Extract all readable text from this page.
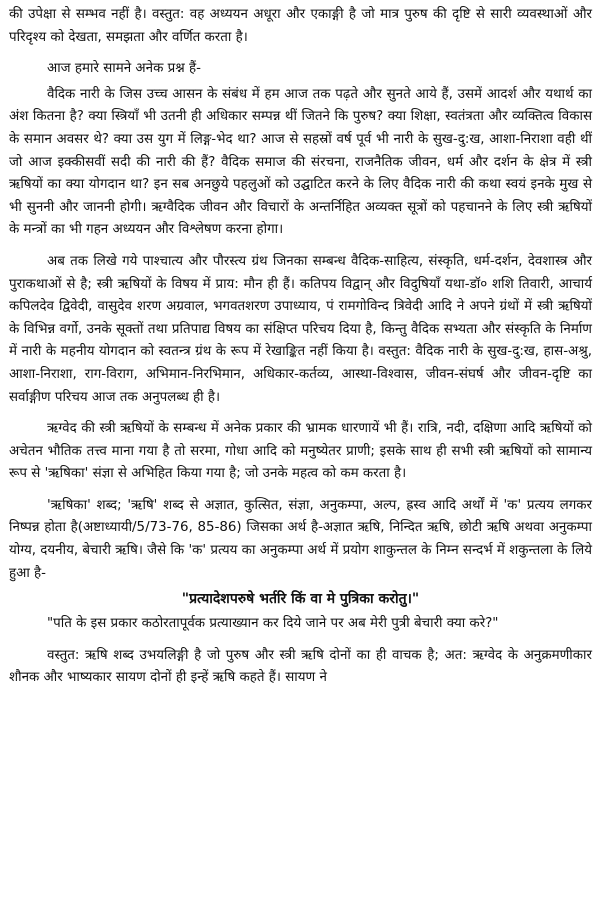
की उपेक्षा से सम्भव नहीं है। वस्तुत: वह अध्ययन अधूरा और एकाङ्गी है जो मात्र पुरुष की दृष्टि से सारी व्यवस्थाओं और परिदृश्य को देखता, समझता और वर्णित करता है।

आज हमारे सामने अनेक प्रश्न हैं-

वैदिक नारी के जिस उच्च आसन के संबंध में हम आज तक पढ़ते और सुनते आये हैं, उसमें आदर्श और यथार्थ का अंश कितना है? क्या स्त्रियाँ भी उतनी ही अधिकार सम्पन्न थीं जितने कि पुरुष? क्या शिक्षा, स्वतंत्रता और व्यक्तित्व विकास के समान अवसर थे? क्या उस युग में लिङ्ग-भेद था? आज से सहस्रों वर्ष पूर्व भी नारी के सुख-दु:ख, आशा-निराशा वही थीं जो आज इक्कीसवीं सदी की नारी की हैं? वैदिक समाज की संरचना, राजनैतिक जीवन, धर्म और दर्शन के क्षेत्र में स्त्री ऋषियों का क्या योगदान था? इन सब अनछुये पहलुओं को उद्घाटित करने के लिए वैदिक नारी की कथा स्वयं इनके मुख से भी सुननी और जाननी होगी। ऋग्वैदिक जीवन और विचारों के अन्तर्निहित अव्यक्त सूत्रों को पहचानने के लिए स्त्री ऋषियों के मन्त्रों का भी गहन अध्ययन और विश्लेषण करना होगा।

अब तक लिखे गये पाश्चात्य और पौरस्त्य ग्रंथ जिनका सम्बन्ध वैदिक-साहित्य, संस्कृति, धर्म-दर्शन, देवशास्त्र और पुराकथाओं से है; स्त्री ऋषियों के विषय में प्राय: मौन ही हैं। कतिपय विद्वान् और विदुषियाँ यथा-डॉ० शशि तिवारी, आचार्य कपिलदेव द्विवेदी, वासुदेव शरण अग्रवाल, भगवतशरण उपाध्याय, पं रामगोविन्द त्रिवेदी आदि ने अपने ग्रंथों में स्त्री ऋषियों के विभिन्न वर्गो, उनके सूक्तों तथा प्रतिपाद्य विषय का संक्षिप्त परिचय दिया है, किन्तु वैदिक सभ्यता और संस्कृति के निर्माण में नारी के महनीय योगदान को स्वतन्त्र ग्रंथ के रूप में रेखाङ्कित नहीं किया है। वस्तुत: वैदिक नारी के सुख-दु:ख, हास-अश्रु, आशा-निराशा, राग-विराग, अभिमान-निरभिमान, अधिकार-कर्तव्य, आस्था-विश्वास, जीवन-संघर्ष और जीवन-दृष्टि का सर्वाङ्गीण परिचय आज तक अनुपलब्ध ही है।

ऋग्वेद की स्त्री ऋषियों के सम्बन्ध में अनेक प्रकार की भ्रामक धारणायें भी हैं। रात्रि, नदी, दक्षिणा आदि ऋषियों को अचेतन भौतिक तत्त्व माना गया है तो सरमा, गोधा आदि को मनुष्येतर प्राणी; इसके साथ ही सभी स्त्री ऋषियों को सामान्य रूप से 'ऋषिका' संज्ञा से अभिहित किया गया है; जो उनके महत्व को कम करता है।

'ऋषिका' शब्द; 'ऋषि' शब्द से अज्ञात, कुत्सित, संज्ञा, अनुकम्पा, अल्प, ह्रस्व आदि अर्थों में 'क' प्रत्यय लगकर निष्पन्न होता है(अष्टाध्यायी/5/73-76, 85-86) जिसका अर्थ है-अज्ञात ऋषि, निन्दित ऋषि, छोटी ऋषि अथवा अनुकम्पा योग्य, दयनीय, बेचारी ऋषि। जैसे कि 'क' प्रत्यय का अनुकम्पा अर्थ में प्रयोग शाकुन्तल के निम्न सन्दर्भ में शकुन्तला के लिये हुआ है-

"प्रत्यादेशपरुषे भर्तरि किं वा मे पुत्रिका करोतु।"

"पति के इस प्रकार कठोरतापूर्वक प्रत्याख्यान कर दिये जाने पर अब मेरी पुत्री बेचारी क्या करे?"

वस्तुत: ऋषि शब्द उभयलिङ्गी है जो पुरुष और स्त्री ऋषि दोनों का ही वाचक है; अत: ऋग्वेद के अनुक्रमणीकार शौनक और भाष्यकार सायण दोनों ही इन्हें ऋषि कहते हैं। सायण ने
